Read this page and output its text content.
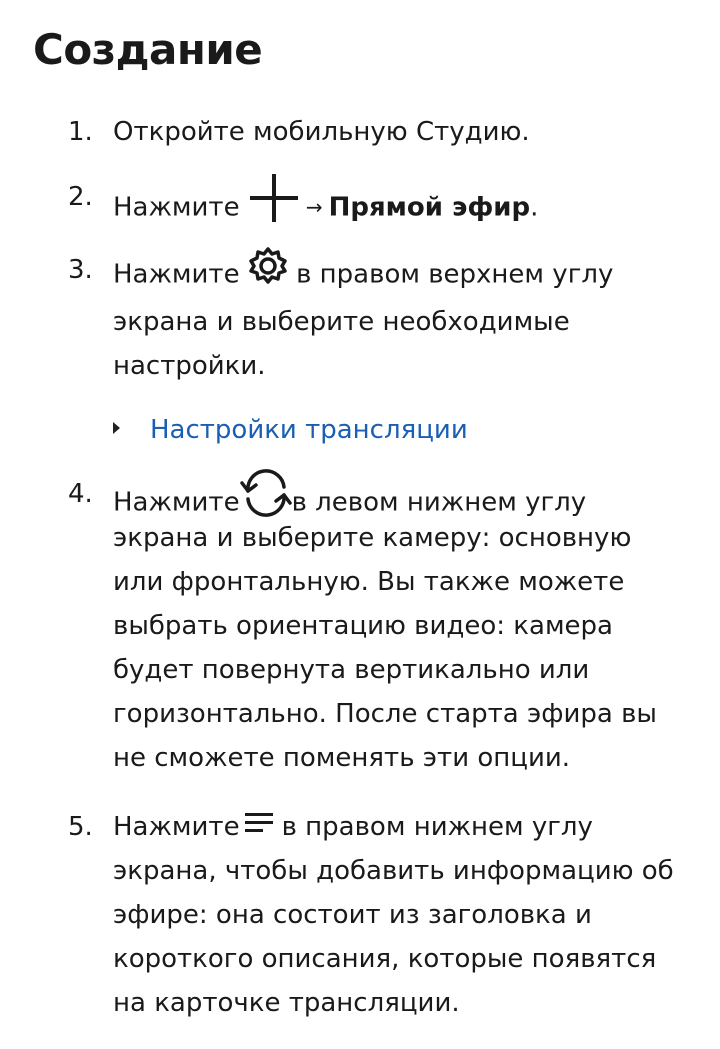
Создание
1. Откройте мобильную Студию.
2. Нажмите	→ Прямой эфир.
3. Нажмите в правом верхнем углу
экрана и выберите необходимые
настройки.
Настройки трансляции
4. Нажмите в левом нижнем углу
экрана и выберите камеру: основную
или фронтальную. Вы также можете
выбрать ориентацию видео: камера
будет повернута вертикально или
горизонтально. После старта эфира вы
не сможете поменять эти опции.
5. Нажмите в правом нижнем углу
экрана, чтобы добавить информацию об
эфире: она состоит из заголовка и
короткого описания, которые появятся
на карточке трансляции.
